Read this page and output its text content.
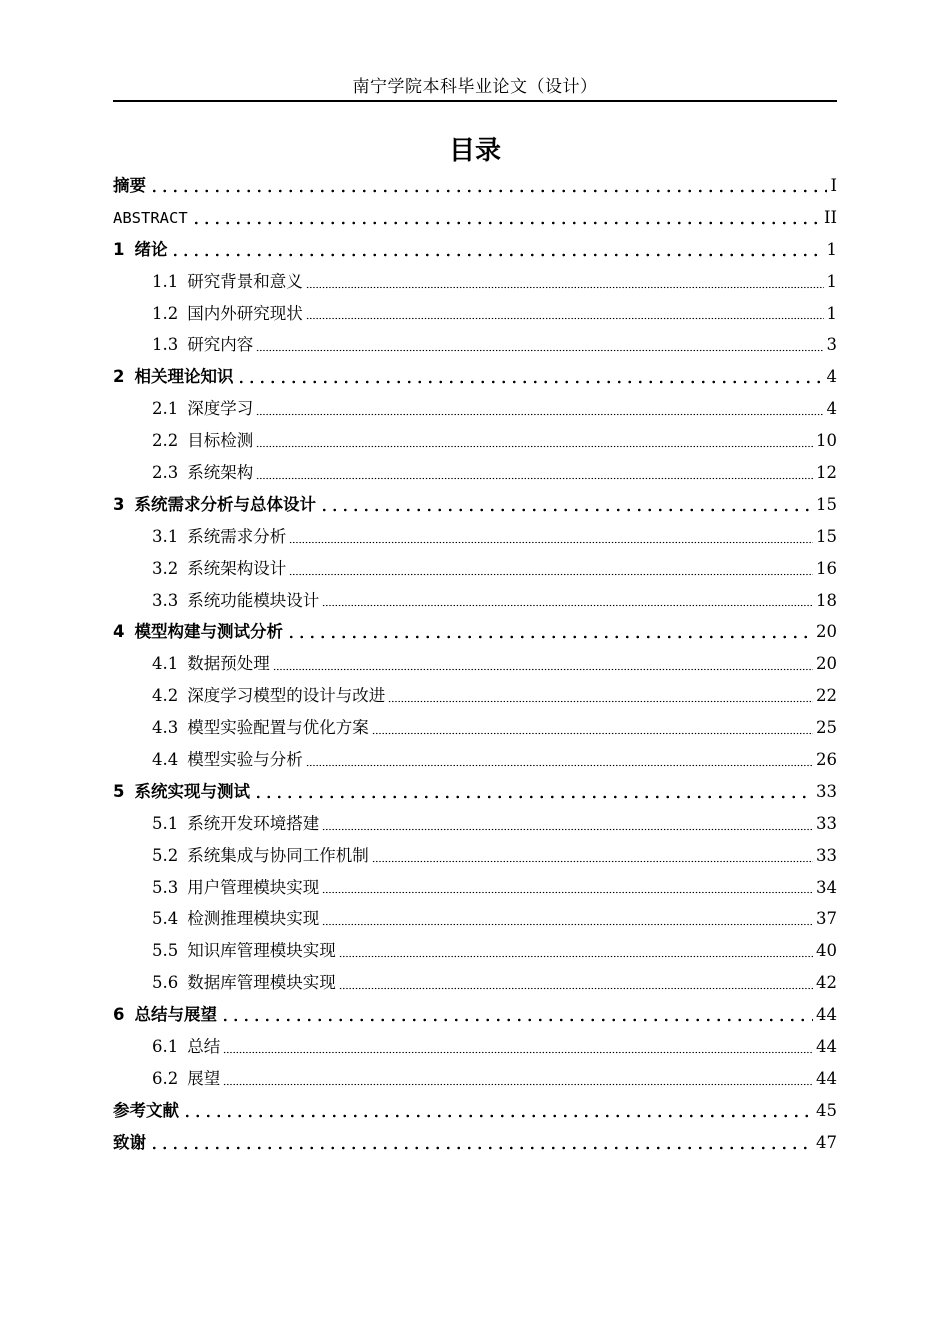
南宁学院本科毕业论文（设计）
目录
摘要	I
ABSTRACT	II
1 绪论	1
1.1 研究背景和意义	1
1.2 国内外研究现状	1
1.3 研究内容	3
2 相关理论知识	4
2.1 深度学习	4
2.2 目标检测	10
2.3 系统架构	12
3 系统需求分析与总体设计	15
3.1 系统需求分析	15
3.2 系统架构设计	16
3.3 系统功能模块设计	18
4 模型构建与测试分析	20
4.1 数据预处理	20
4.2 深度学习模型的设计与改进	22
4.3 模型实验配置与优化方案	25
4.4 模型实验与分析	26
5 系统实现与测试	33
5.1 系统开发环境搭建	33
5.2 系统集成与协同工作机制	33
5.3 用户管理模块实现	34
5.4 检测推理模块实现	37
5.5 知识库管理模块实现	40
5.6 数据库管理模块实现	42
6 总结与展望	44
6.1 总结	44
6.2 展望	44
参考文献	45
致谢	47
